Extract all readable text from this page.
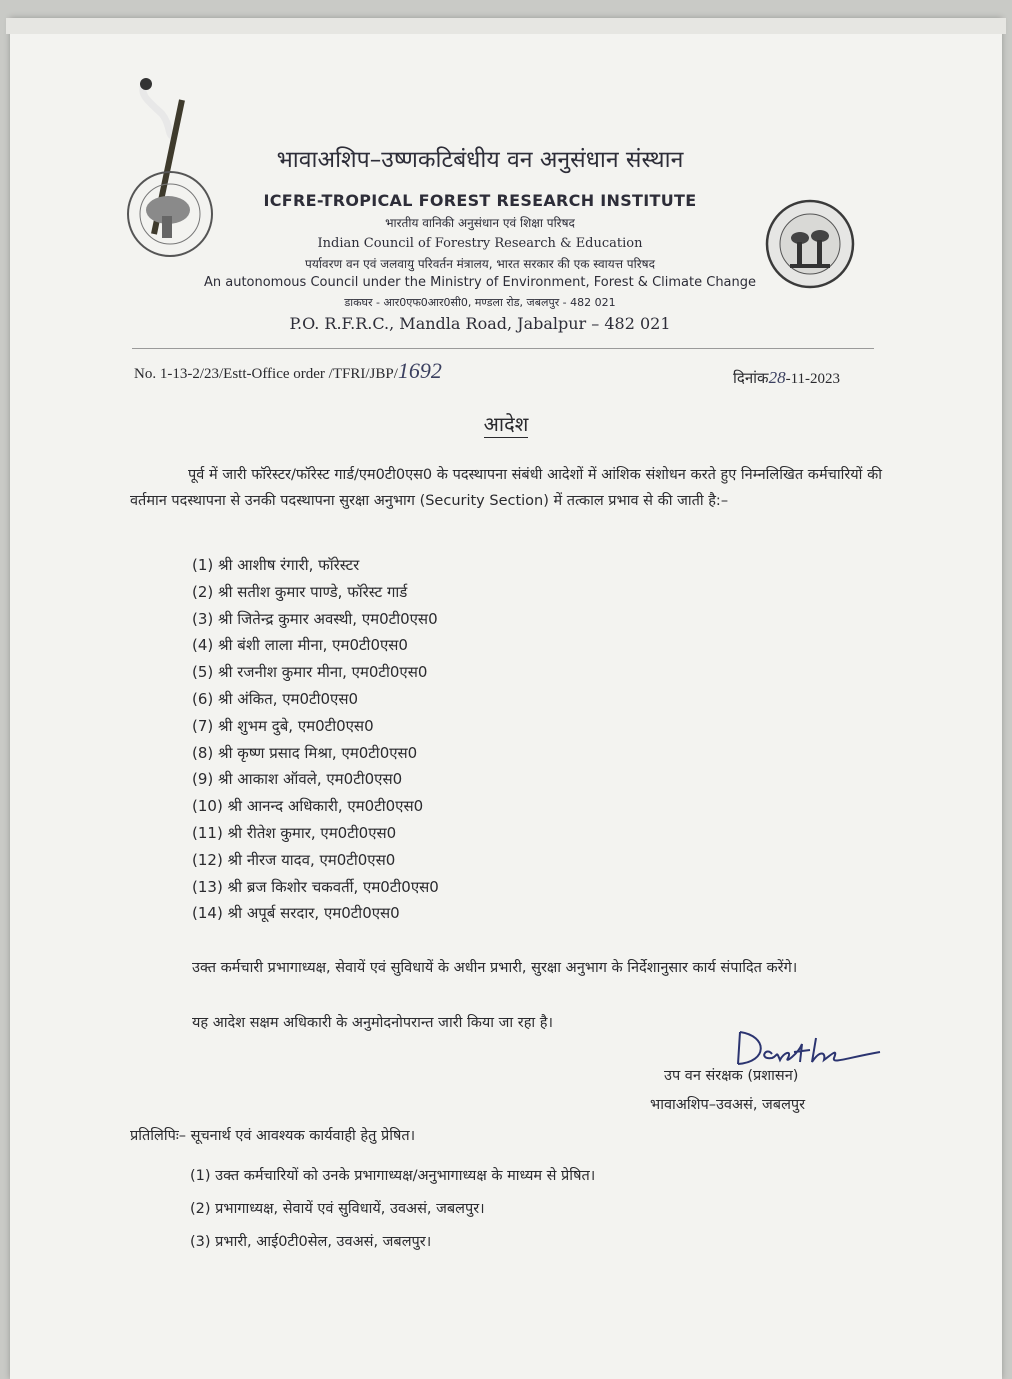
भावाअशिप–उष्णकटिबंधीय वन अनुसंधान संस्थान
ICFRE-TROPICAL FOREST RESEARCH INSTITUTE
भारतीय वानिकी अनुसंधान एवं शिक्षा परिषद
Indian Council of Forestry Research & Education
पर्यावरण वन एवं जलवायु परिवर्तन मंत्रालय, भारत सरकार की एक स्वायत्त परिषद
An autonomous Council under the Ministry of Environment, Forest & Climate Change
डाकघर - आर0एफ0आर0सी0, मण्डला रोड, जबलपुर - 482 021
P.O. R.F.R.C., Mandla Road, Jabalpur – 482 021
No. 1-13-2/23/Estt-Office order /TFRI/JBP/1692	दिनांक28-11-2023
आदेश
पूर्व में जारी फॉरेस्टर/फॉरेस्ट गार्ड/एम0टी0एस0 के पदस्थापना संबंधी आदेशों में आंशिक संशोधन करते हुए निम्नलिखित कर्मचारियों की वर्तमान पदस्थापना से उनकी पदस्थापना सुरक्षा अनुभाग (Security Section) में तत्काल प्रभाव से की जाती है:–
(1) श्री आशीष रंगारी, फॉरेस्टर
(2) श्री सतीश कुमार पाण्डे, फॉरेस्ट गार्ड
(3) श्री जितेन्द्र कुमार अवस्थी, एम0टी0एस0
(4) श्री बंशी लाला मीना, एम0टी0एस0
(5) श्री रजनीश कुमार मीना, एम0टी0एस0
(6) श्री अंकित, एम0टी0एस0
(7) श्री शुभम दुबे, एम0टी0एस0
(8) श्री कृष्ण प्रसाद मिश्रा, एम0टी0एस0
(9) श्री आकाश ऑवले, एम0टी0एस0
(10) श्री आनन्द अधिकारी, एम0टी0एस0
(11) श्री रीतेश कुमार, एम0टी0एस0
(12) श्री नीरज यादव, एम0टी0एस0
(13) श्री ब्रज किशोर चकवर्ती, एम0टी0एस0
(14) श्री अपूर्ब सरदार, एम0टी0एस0
उक्त कर्मचारी प्रभागाध्यक्ष, सेवायें एवं सुविधायें के अधीन प्रभारी, सुरक्षा अनुभाग के निर्देशानुसार कार्य संपादित करेंगे।
यह आदेश सक्षम अधिकारी के अनुमोदनोपरान्त जारी किया जा रहा है।
उप वन संरक्षक (प्रशासन)
भावाअशिप–उवअसं, जबलपुर
प्रतिलिपिः– सूचनार्थ एवं आवश्यक कार्यवाही हेतु प्रेषित।
(1) उक्त कर्मचारियों को उनके प्रभागाध्यक्ष/अनुभागाध्यक्ष के माध्यम से प्रेषित।
(2) प्रभागाध्यक्ष, सेवायें एवं सुविधायें, उवअसं, जबलपुर।
(3) प्रभारी, आई0टी0सेल, उवअसं, जबलपुर।
